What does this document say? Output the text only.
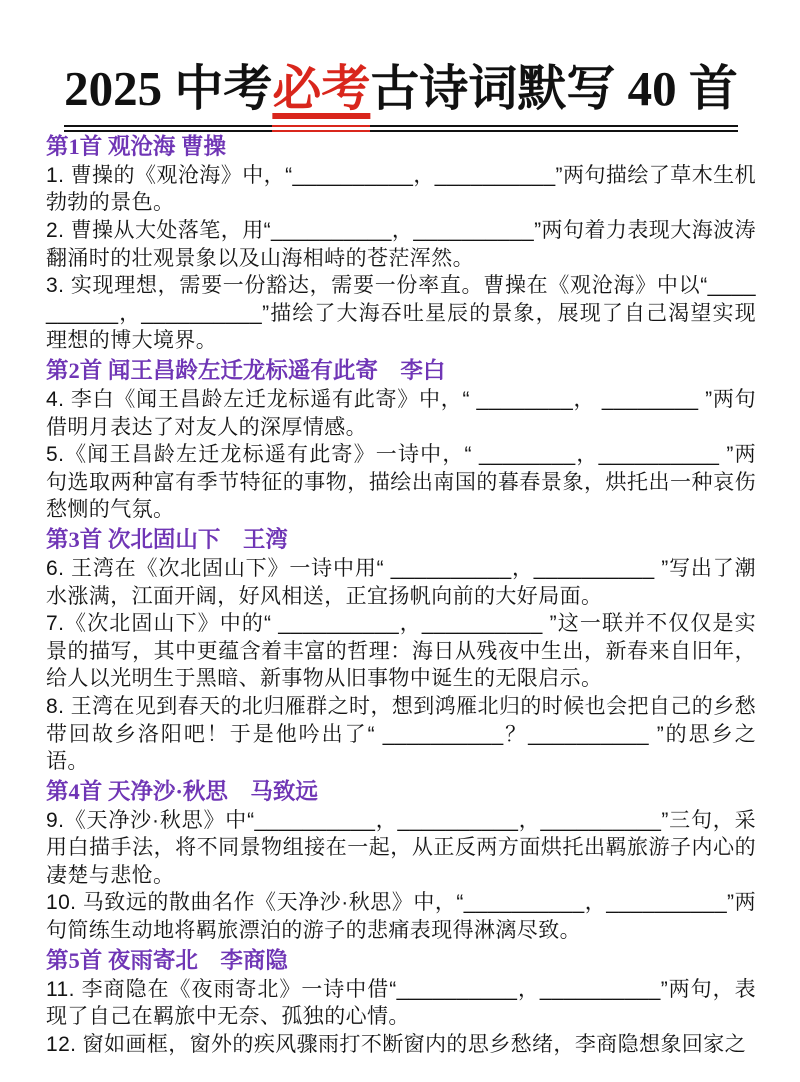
2025 中考必考古诗词默写 40 首
第1首 观沧海 曹操

1. 曹操的《观沧海》中，“__________，__________”两句描绘了草木生机勃勃的景色。

2. 曹操从大处落笔，用“__________，__________”两句着力表现大海波涛翻涌时的壮观景象以及山海相峙的苍茫浑然。

3. 实现理想，需要一份豁达，需要一份率直。曹操在《观沧海》中以“__________，__________”描绘了大海吞吐星辰的景象，展现了自己渴望实现理想的博大境界。

第2首 闻王昌龄左迁龙标遥有此寄　李白

4. 李白《闻王昌龄左迁龙标遥有此寄》中，“ ________， ________ ”两句借明月表达了对友人的深厚情感。

5.《闻王昌龄左迁龙标遥有此寄》一诗中，“ ________，__________ ”两句选取两种富有季节特征的事物，描绘出南国的暮春景象，烘托出一种哀伤愁恻的气氛。

第3首 次北固山下　王湾

6. 王湾在《次北固山下》一诗中用“ __________，__________ ”写出了潮水涨满，江面开阔，好风相送，正宜扬帆向前的大好局面。

7.《次北固山下》中的“ __________，__________ ”这一联并不仅仅是实景的描写，其中更蕴含着丰富的哲理：海日从残夜中生出，新春来自旧年，给人以光明生于黑暗、新事物从旧事物中诞生的无限启示。

8. 王湾在见到春天的北归雁群之时，想到鸿雁北归的时候也会把自己的乡愁带回故乡洛阳吧！于是他吟出了“ __________？__________ ”的思乡之语。

第4首 天净沙·秋思　马致远

9.《天净沙·秋思》中“__________，__________，__________”三句，采用白描手法，将不同景物组接在一起，从正反两方面烘托出羁旅游子内心的凄楚与悲怆。

10. 马致远的散曲名作《天净沙·秋思》中，“__________，__________”两句简练生动地将羁旅漂泊的游子的悲痛表现得淋漓尽致。

第5首 夜雨寄北　李商隐

11. 李商隐在《夜雨寄北》一诗中借“__________，__________”两句，表现了自己在羁旅中无奈、孤独的心情。

12. 窗如画框，窗外的疾风骤雨打不断窗内的思乡愁绪，李商隐想象回家之
